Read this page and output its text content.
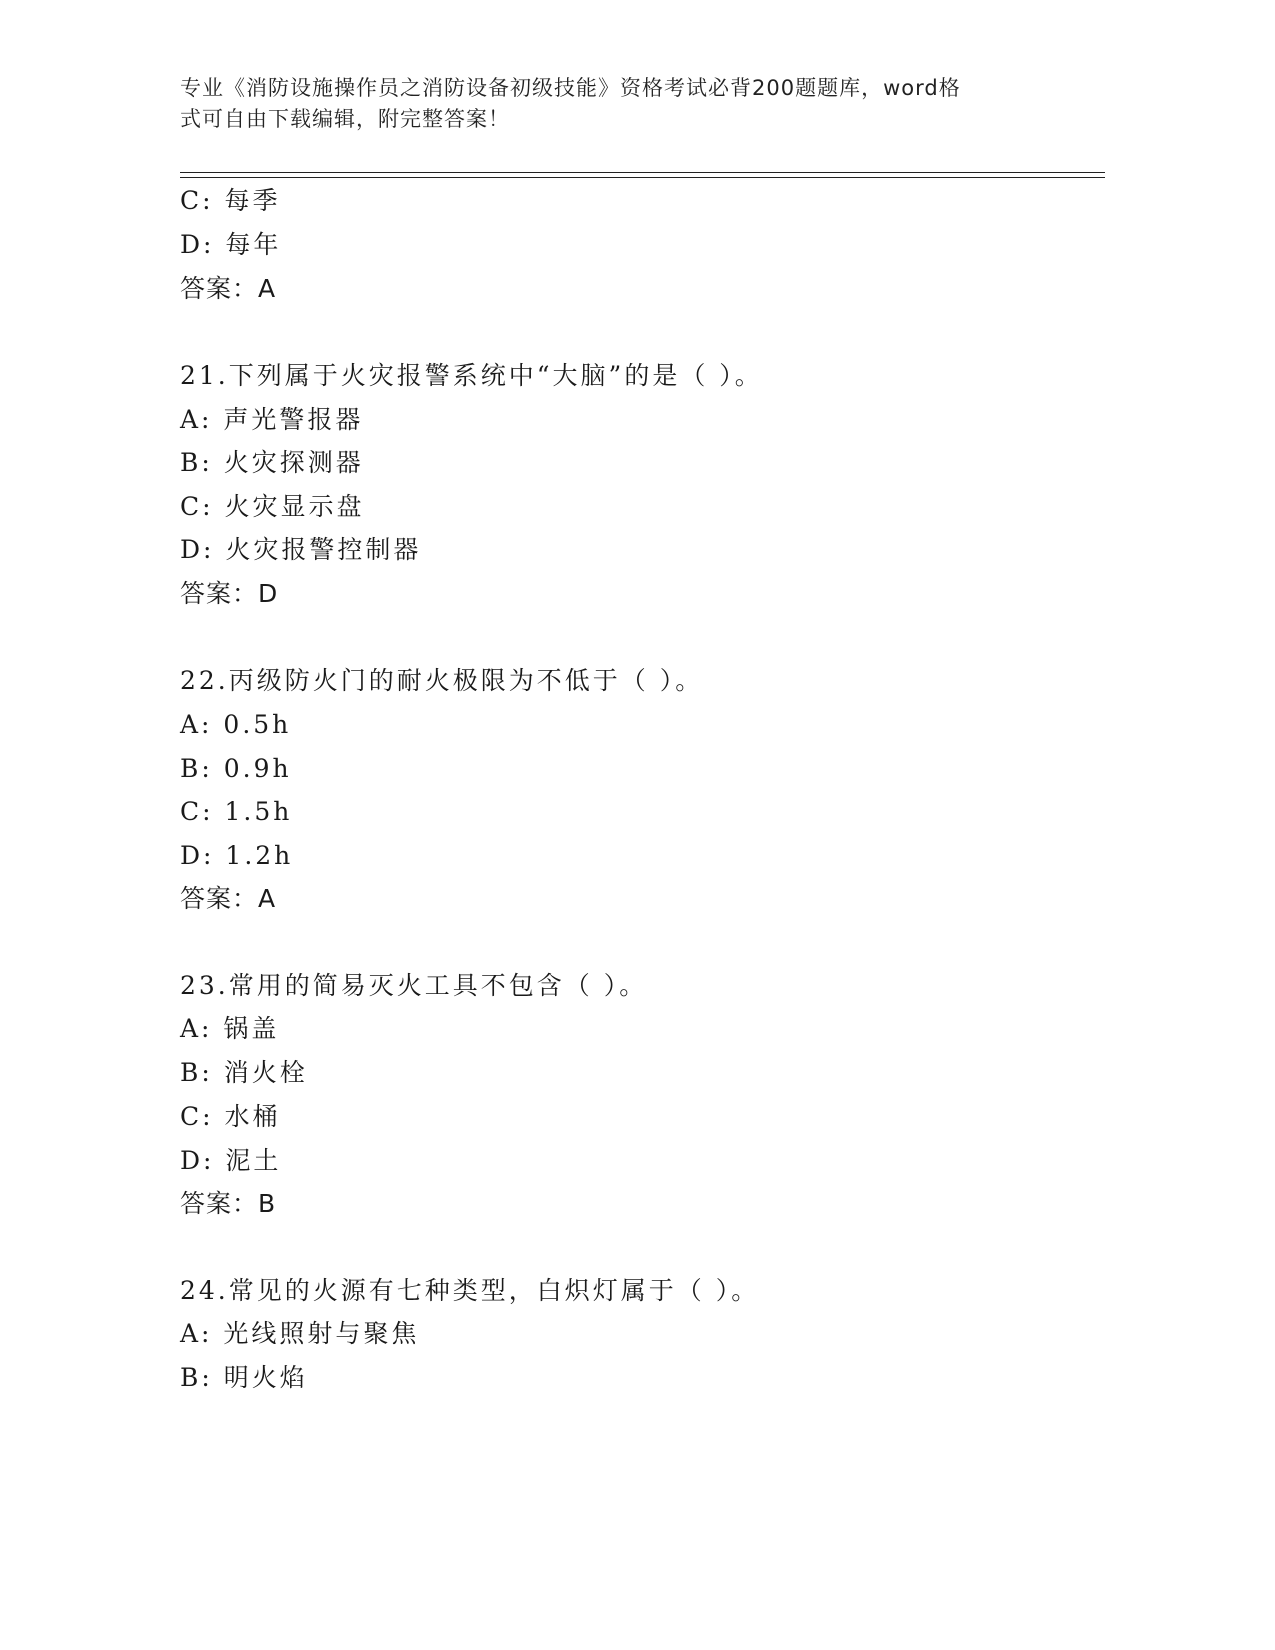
专业《消防设施操作员之消防设备初级技能》资格考试必背200题题库，word格
式可自由下载编辑，附完整答案！
C: 每季
D: 每年
答案：A
21.下列属于火灾报警系统中“大脑”的是（ ）。
A: 声光警报器
B: 火灾探测器
C: 火灾显示盘
D: 火灾报警控制器
答案：D
22.丙级防火门的耐火极限为不低于（ ）。
A: 0.5h
B: 0.9h
C: 1.5h
D: 1.2h
答案：A
23.常用的简易灭火工具不包含（ ）。
A: 锅盖
B: 消火栓
C: 水桶
D: 泥土
答案：B
24.常见的火源有七种类型，白炽灯属于（ ）。
A: 光线照射与聚焦
B: 明火焰
